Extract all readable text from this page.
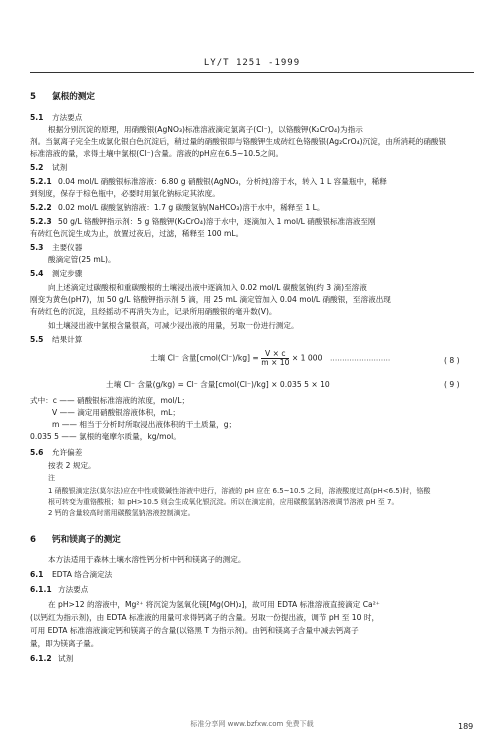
LY/T 1251 -1999
5 氯根的测定
5.1 方法要点
根据分别沉淀的原理，用硝酸银(AgNO₃)标准溶液滴定氯离子(Cl⁻)，以铬酸钾(K₂CrO₄)为指示
剂。当氯离子完全生成氯化银白色沉淀后，稍过量的硝酸银即与铬酸钾生成砖红色铬酸银(Ag₂CrO₄)沉淀，由所消耗的硝酸银
标准溶液的量，求得土壤中氯根(Cl⁻)含量。溶液的pH应在6.5~10.5之间。
5.2 试剂
5.2.1 0.04 mol/L 硝酸银标准溶液：6.80 g 硝酸银(AgNO₃，分析纯)溶于水，转入 1 L 容量瓶中，稀释
到刻度，保存于棕色瓶中，必要时用氯化钠标定其浓度。
5.2.2 0.02 mol/L 碳酸氢钠溶液：1.7 g 碳酸氢钠(NaHCO₃)溶于水中，稀释至 1 L。
5.2.3 50 g/L 铬酸钾指示剂：5 g 铬酸钾(K₂CrO₄)溶于水中，逐滴加入 1 mol/L 硝酸银标准溶液至刚
有砖红色沉淀生成为止，放置过夜后，过滤，稀释至 100 mL。
5.3 主要仪器
酸滴定管(25 mL)。
5.4 测定步骤
向上述滴定过碳酸根和重碳酸根的土壤浸出液中逐滴加入 0.02 mol/L 碳酸氢钠(约 3 滴)至溶液
刚变为黄色(pH7)，加 50 g/L 铬酸钾指示剂 5 滴，用 25 mL 滴定管加入 0.04 mol/L 硝酸银，至溶液出现
有砖红色的沉淀，且经摇动不再消失为止，记录所用硝酸银的毫升数(V)。
如土壤浸出液中氯根含量很高，可减少浸出液的用量，另取一份进行测定。
5.5 结果计算
土壤 Cl⁻ 含量[cmol(Cl⁻)/kg] = $\frac{V \times c}{m \times 10} \times 1$ 000 ·························	( 8 )
土壤 Cl⁻ 含量(g/kg) = Cl⁻ 含量[cmol(Cl⁻)/kg] × 0.035 5 × 10	( 9 )
式中：c —— 硝酸银标准溶液的浓度，mol/L；
V —— 滴定用硝酸银溶液体积，mL；
m —— 相当于分析时所取浸出液体积的干土质量，g；
0.035 5 —— 氯根的毫摩尔质量，kg/mol。
5.6 允许偏差
按表 2 规定。
注
1 硝酸银滴定法(莫尔法)应在中性或微碱性溶液中进行，溶液的 pH 应在 6.5~10.5 之间，溶液酸度过高(pH<6.5)时，铬酸
根可转变为重铬酸根；如 pH>10.5 则会生成氧化银沉淀。所以在滴定前，应用碳酸氢钠溶液调节溶液 pH 至 7。
2 钙的含量较高时需用碳酸氢钠溶液控制滴定。
6 钙和镁离子的测定
本方法适用于森林土壤水溶性钙分析中钙和镁离子的测定。
6.1 EDTA 络合滴定法
6.1.1 方法要点
在 pH>12 的溶液中，Mg²⁺ 将沉淀为氢氧化镁[Mg(OH)₂]，故可用 EDTA 标准溶液直接滴定 Ca²⁺
(以钙红为指示剂)，由 EDTA 标准液的用量可求得钙离子的含量。另取一份提出液，调节 pH 至 10 时，
可用 EDTA 标准溶液滴定钙和镁离子的含量(以铬黑 T 为指示剂)。由钙和镁离子含量中减去钙离子
量，即为镁离子量。
6.1.2 试剂
标准分享网 www.bzfxw.com 免费下载	189
